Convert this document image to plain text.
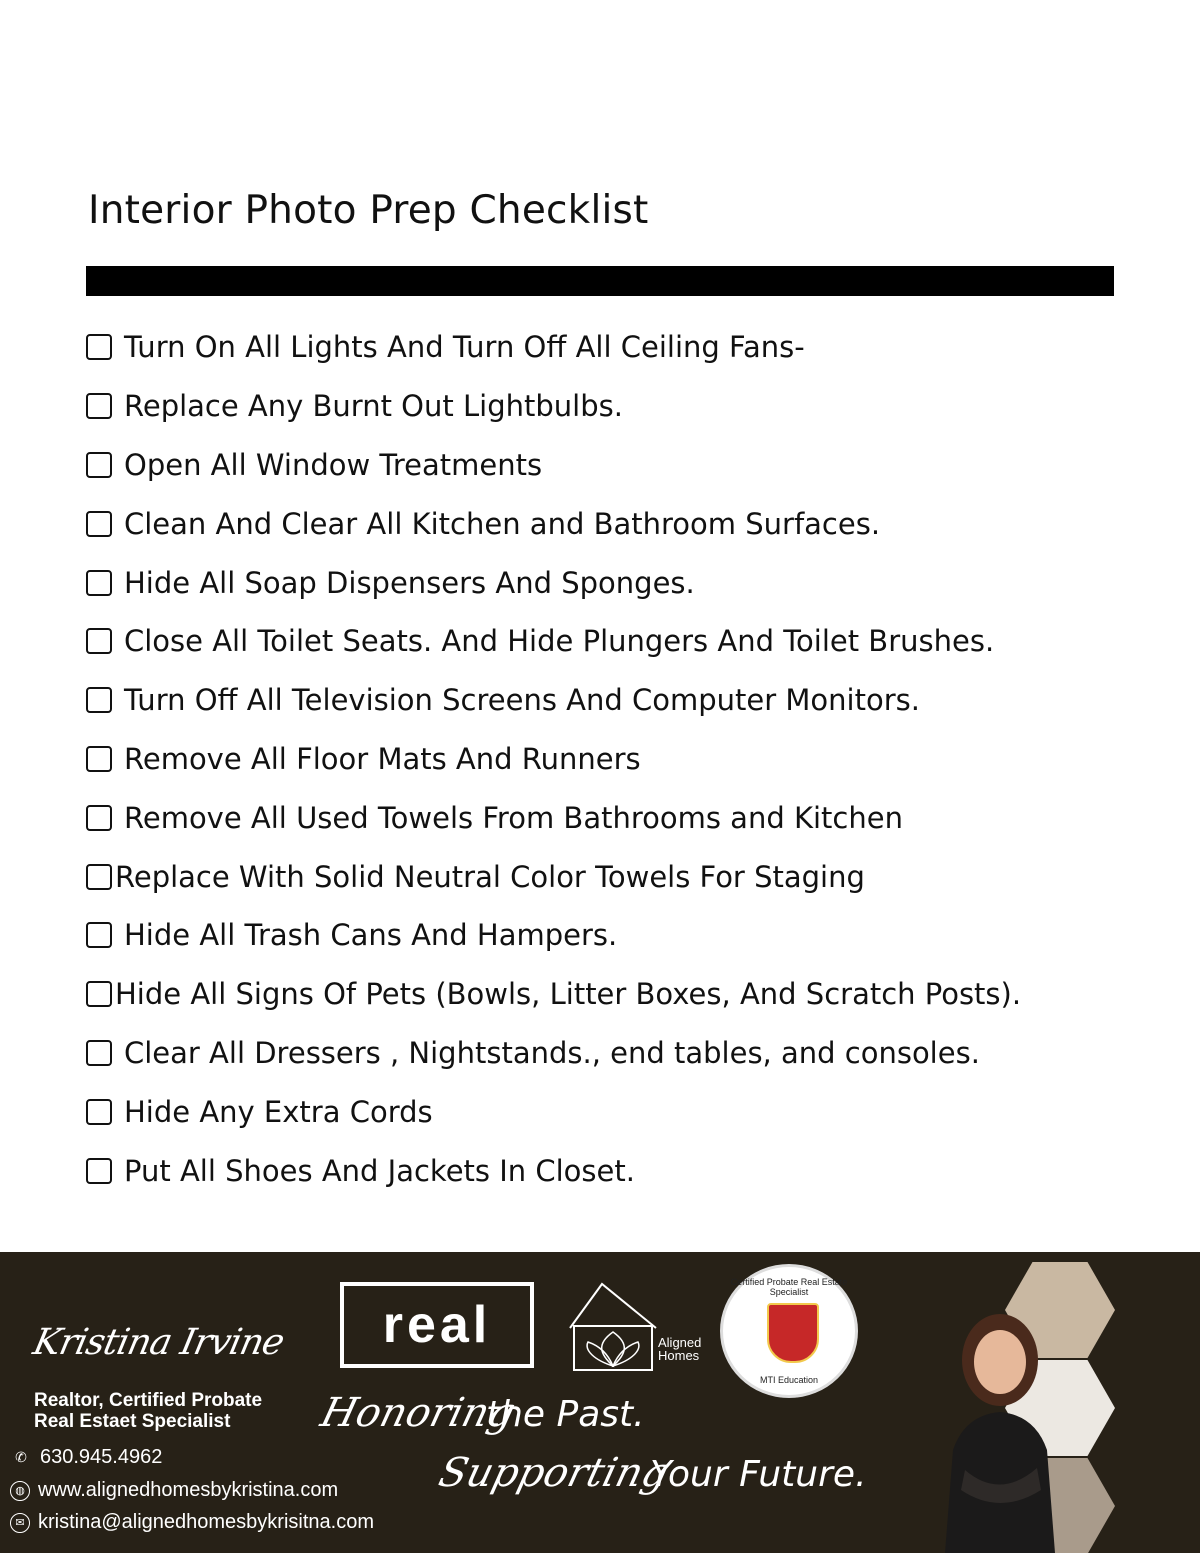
Interior Photo Prep Checklist
Turn On All Lights And Turn Off All Ceiling Fans-
Replace Any Burnt Out Lightbulbs.
Open All Window Treatments
Clean And Clear All Kitchen and Bathroom Surfaces.
Hide All Soap Dispensers And Sponges.
Close All Toilet Seats. And Hide Plungers And Toilet Brushes.
Turn Off All Television Screens And Computer Monitors.
Remove All Floor Mats And Runners
Remove All Used Towels From Bathrooms and Kitchen
Replace With Solid Neutral Color Towels For Staging
Hide All Trash Cans And Hampers.
Hide All Signs Of Pets (Bowls, Litter Boxes, And Scratch Posts).
Clear All Dressers , Nightstands., end tables, and consoles.
Hide Any Extra Cords
Put All Shoes And Jackets In Closet.
Kristina Irvine
Realtor, Certified Probate
Real Estaet Specialist
✆ 630.945.4962
◍ www.alignedhomesbykristina.com
✉ kristina@alignedhomesbykrisitna.com
real	Aligned
Homes
Certified Probate Real Estate Specialist
MTI Education
Honoring
the Past.
Supporting
Your Future.
